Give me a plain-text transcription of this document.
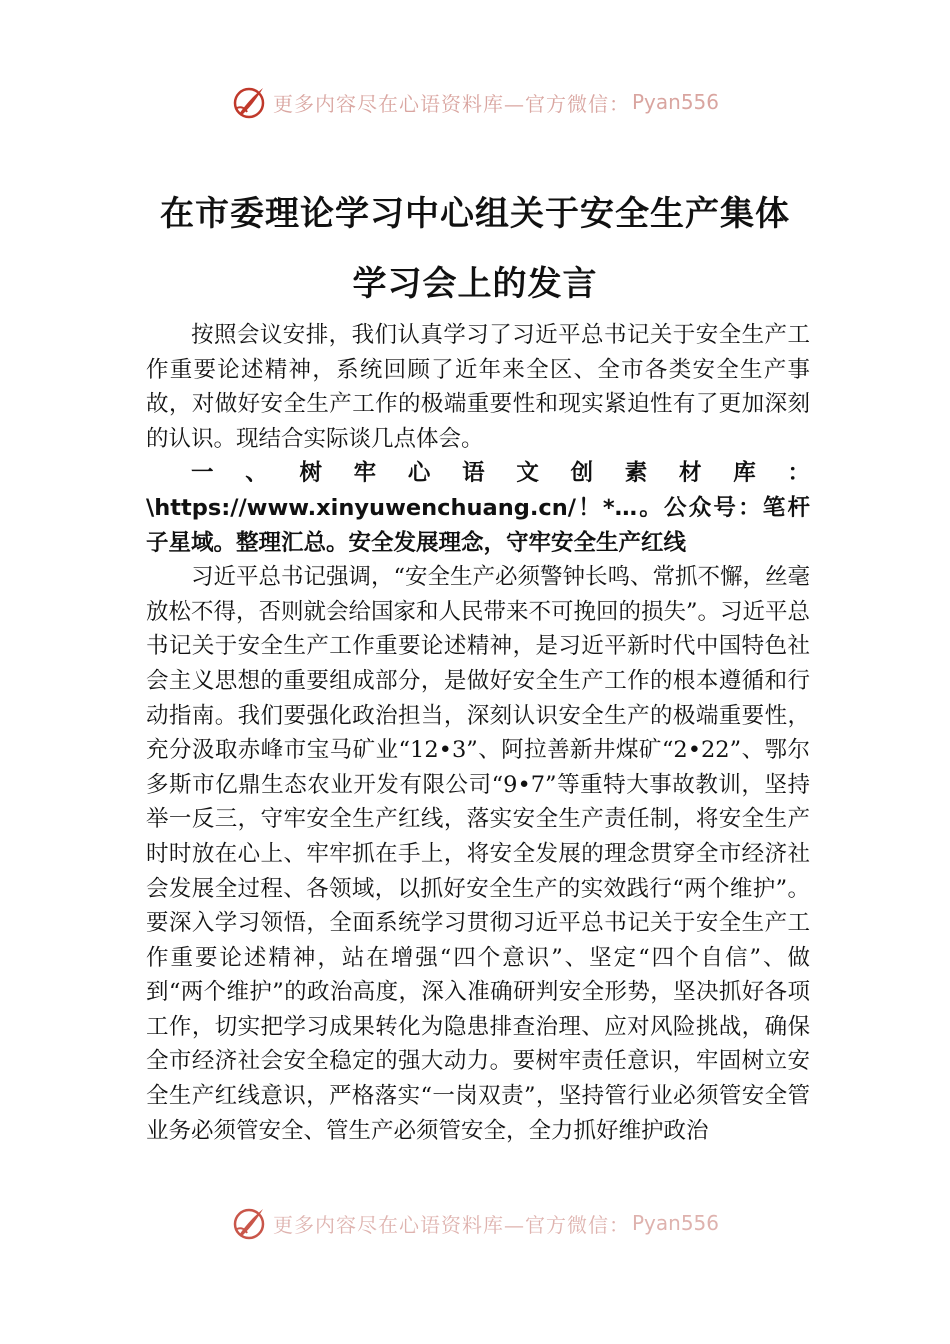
更多内容尽在心语资料库—官方微信： Pyan556
在市委理论学习中心组关于安全生产集体
学习会上的发言

按照会议安排，我们认真学习了习近平总书记关于安全生产工作重要论述精神，系统回顾了近年来全区、全市各类安全生产事故，对做好安全生产工作的极端重要性和现实紧迫性有了更加深刻的认识。现结合实际谈几点体会。

一、树牢心语文创素材库：\https://www.xinyuwenchuang.cn/！*…。公众号：笔杆子星域。整理汇总。安全发展理念，守牢安全生产红线

习近平总书记强调，“安全生产必须警钟长鸣、常抓不懈，丝毫放松不得，否则就会给国家和人民带来不可挽回的损失”。习近平总书记关于安全生产工作重要论述精神，是习近平新时代中国特色社会主义思想的重要组成部分，是做好安全生产工作的根本遵循和行动指南。我们要强化政治担当，深刻认识安全生产的极端重要性，充分汲取赤峰市宝马矿业“12•3”、阿拉善新井煤矿“2•22”、鄂尔多斯市亿鼎生态农业开发有限公司“9•7”等重特大事故教训，坚持举一反三，守牢安全生产红线，落实安全生产责任制，将安全生产时时放在心上、牢牢抓在手上，将安全发展的理念贯穿全市经济社会发展全过程、各领域，以抓好安全生产的实效践行“两个维护”。要深入学习领悟，全面系统学习贯彻习近平总书记关于安全生产工作重要论述精神，站在增强“四个意识”、坚定“四个自信”、做到“两个维护”的政治高度，深入准确研判安全形势，坚决抓好各项工作，切实把学习成果转化为隐患排查治理、应对风险挑战，确保全市经济社会安全稳定的强大动力。要树牢责任意识，牢固树立安全生产红线意识，严格落实“一岗双责”，坚持管行业必须管安全管业务必须管安全、管生产必须管安全，全力抓好维护政治

更多内容尽在心语资料库—官方微信： Pyan556
